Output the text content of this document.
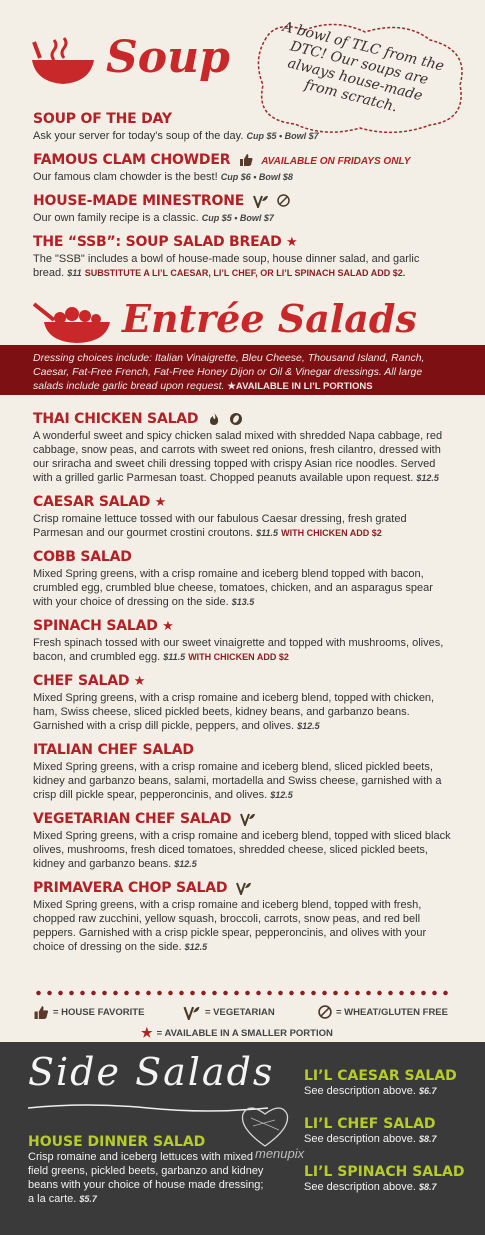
Soup	A bowl of TLC from the DTC! Our soups are always house-made from scratch.
SOUP OF THE DAY
Ask your server for today's soup of the day. Cup $5 • Bowl $7
FAMOUS CLAM CHOWDER	AVAILABLE ON FRIDAYS ONLY
Our famous clam chowder is the best! Cup $6 • Bowl $8
HOUSE-MADE MINESTRONE
Our own family recipe is a classic. Cup $5 • Bowl $7
THE “SSB”: SOUP SALAD BREAD ★
The "SSB" includes a bowl of house-made soup, house dinner salad, and garlic bread. $11 SUBSTITUTE A LI’L CAESAR, LI’L CHEF, OR LI’L SPINACH SALAD ADD $2.
Entrée Salads

Dressing choices include: Italian Vinaigrette, Bleu Cheese, Thousand Island, Ranch, Caesar, Fat-Free French, Fat-Free Honey Dijon or Oil & Vinegar dressings. All large salads include garlic bread upon request. ★AVAILABLE IN LI’L PORTIONS

THAI CHICKEN SALAD
A wonderful sweet and spicy chicken salad mixed with shredded Napa cabbage, red cabbage, snow peas, and carrots with sweet red onions, fresh cilantro, dressed with our sriracha and sweet chili dressing topped with crispy Asian rice noodles. Served with a grilled garlic Parmesan toast. Chopped peanuts available upon request. $12.5
CAESAR SALAD ★
Crisp romaine lettuce tossed with our fabulous Caesar dressing, fresh grated Parmesan and our gourmet crostini croutons. $11.5 WITH CHICKEN ADD $2
COBB SALAD
Mixed Spring greens, with a crisp romaine and iceberg blend topped with bacon, crumbled egg, crumbled blue cheese, tomatoes, chicken, and an asparagus spear with your choice of dressing on the side. $13.5
SPINACH SALAD ★
Fresh spinach tossed with our sweet vinaigrette and topped with mushrooms, olives, bacon, and crumbled egg. $11.5 WITH CHICKEN ADD $2
CHEF SALAD ★
Mixed Spring greens, with a crisp romaine and iceberg blend, topped with chicken, ham, Swiss cheese, sliced pickled beets, kidney beans, and garbanzo beans. Garnished with a crisp dill pickle, peppers, and olives. $12.5
ITALIAN CHEF SALAD
Mixed Spring greens, with a crisp romaine and iceberg blend, sliced pickled beets, kidney and garbanzo beans, salami, mortadella and Swiss cheese, garnished with a crisp dill pickle spear, pepperoncinis, and olives. $12.5
VEGETARIAN CHEF SALAD
Mixed Spring greens, with a crisp romaine and iceberg blend, topped with sliced black olives, mushrooms, fresh diced tomatoes, shredded cheese, sliced pickled beets, kidney and garbanzo beans. $12.5
PRIMAVERA CHOP SALAD
Mixed Spring greens, with a crisp romaine and iceberg blend, topped with fresh, chopped raw zucchini, yellow squash, broccoli, carrots, snow peas, and red bell peppers. Garnished with a crisp pickle spear, pepperoncinis, and olives with your choice of dressing on the side. $12.5
= HOUSE FAVORITE	= VEGETARIAN	= WHEAT/GLUTEN FREE
★ = AVAILABLE IN A SMALLER PORTION
Side Salads
HOUSE DINNER SALAD
Crisp romaine and iceberg lettuces with mixed field greens, pickled beets, garbanzo and kidney beans with your choice of house made dressing; a la carte. $5.7
LI’L CAESAR SALAD
See description above. $6.7
LI’L CHEF SALAD
See description above. $8.7
LI’L SPINACH SALAD
See description above. $8.7
menupix
